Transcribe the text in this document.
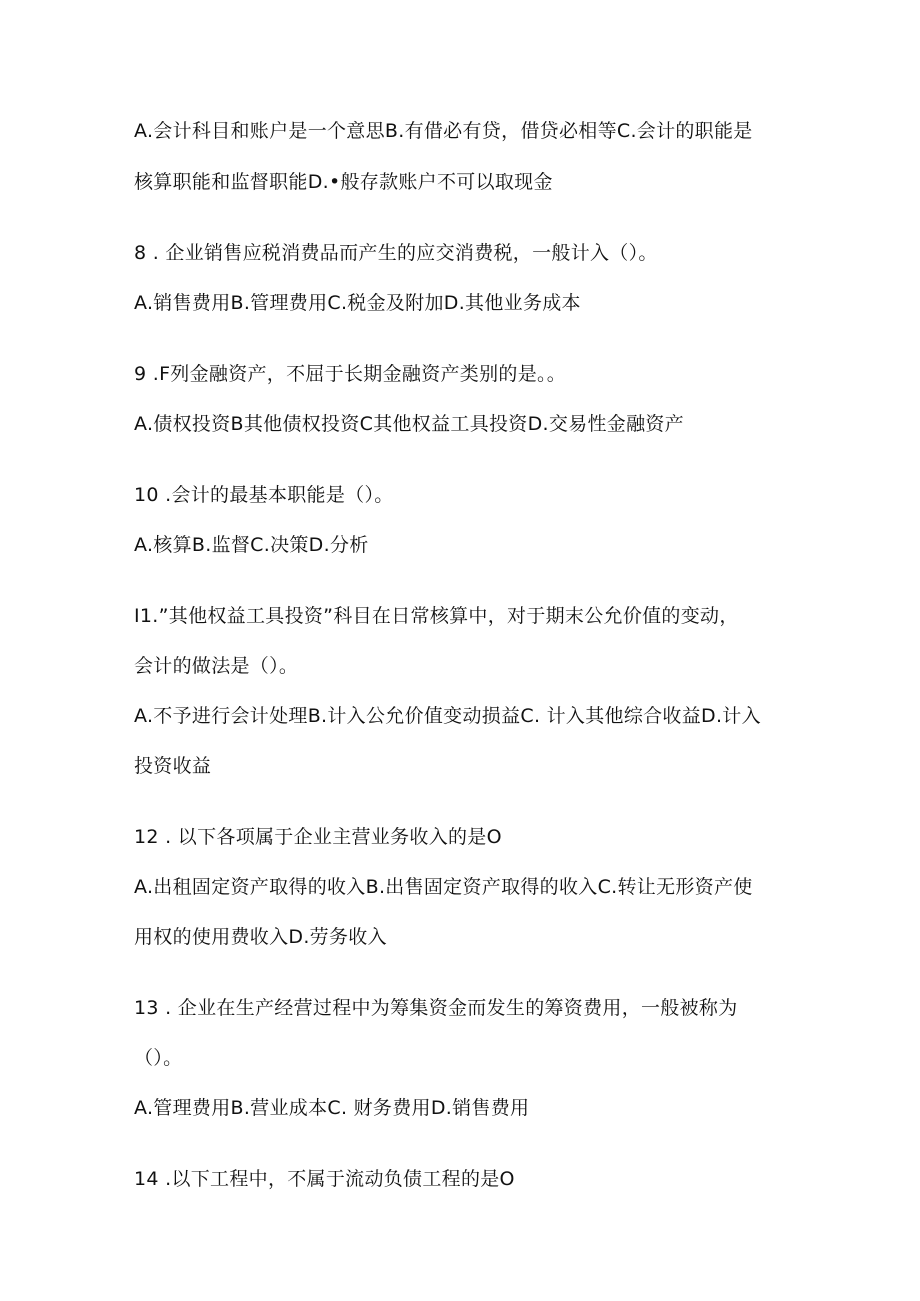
A.会计科目和账户是一个意思B.有借必有贷，借贷必相等C.会计的职能是
核算职能和监督职能D.•般存款账户不可以取现金
8 . 企业销售应税消费品而产生的应交消费税，一般计入（）。
A.销售费用B.管理费用C.税金及附加D.其他业务成本
9 .F列金融资产，不屈于长期金融资产类别的是。。
A.债权投资B其他债权投资C其他权益工具投资D.交易性金融资产
10 .会计的最基本职能是（）。
A.核算B.监督C.决策D.分析
I1.”其他权益工具投资”科目在日常核算中，对于期末公允价值的变动，
会计的做法是（）。
A.不予进行会计处理B.计入公允价值变动损益C. 计入其他综合收益D.计入
投资收益
12 . 以下各项属于企业主营业务收入的是O
A.出租固定资产取得的收入B.出售固定资产取得的收入C.转让无形资产使
用权的使用费收入D.劳务收入
13 . 企业在生产经营过程中为筹集资金而发生的筹资费用，一般被称为
（）。
A.管理费用B.营业成本C. 财务费用D.销售费用
14 .以下工程中，不属于流动负债工程的是O
